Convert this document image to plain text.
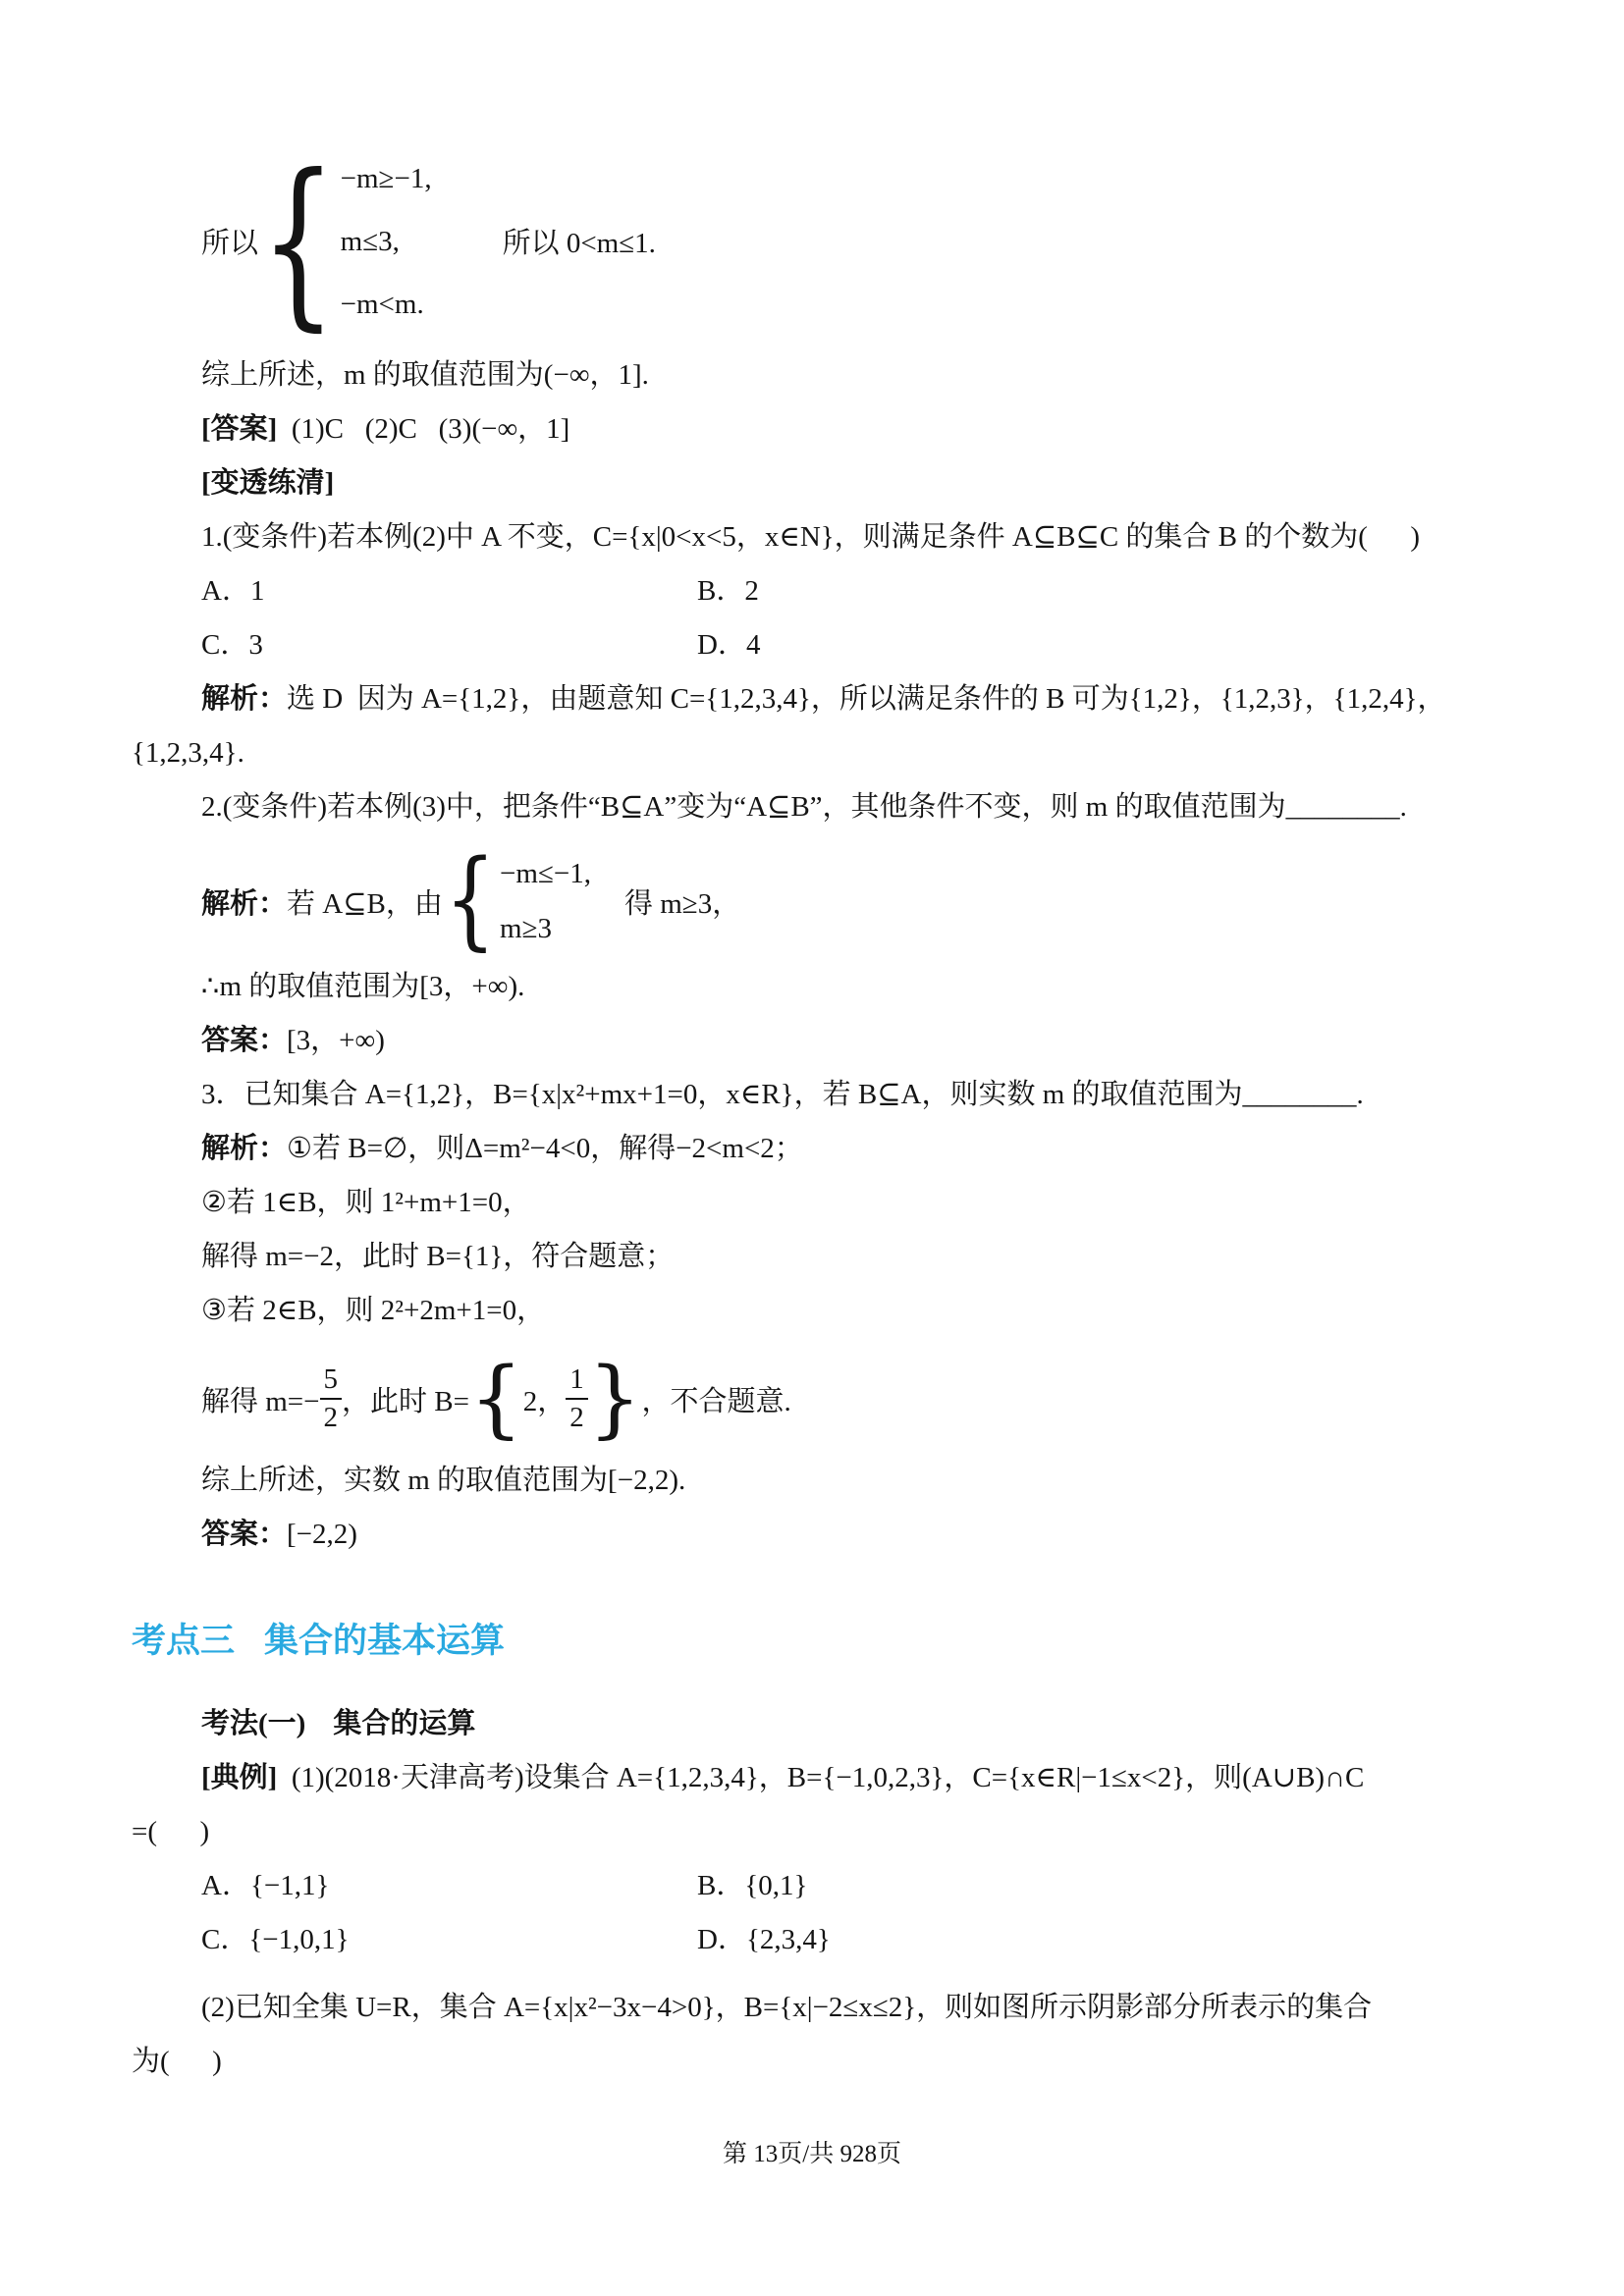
所以
{
−m≥−1,
m≤3,
−m<m.
所以 0<m≤1.

综上所述，m 的取值范围为(−∞，1].

[答案]  (1)C   (2)C   (3)(−∞，1]

[变透练清]

1.(变条件)若本例(2)中 A 不变，C={x|0<x<5，x∈N}，则满足条件 A⊆B⊆C 的集合 B 的个数为(      )

A．1	B．2
C．3	D．4

解析：选 D  因为 A={1,2}，由题意知 C={1,2,3,4}，所以满足条件的 B 可为{1,2}，{1,2,3}，{1,2,4}，

{1,2,3,4}.

2.(变条件)若本例(3)中，把条件“B⊆A”变为“A⊆B”，其他条件不变，则 m 的取值范围为________.

解析： 若 A⊆B，由
{
−m≤−1,
m≥3
得 m≥3，

∴m 的取值范围为[3，+∞).

答案：[3，+∞)

3．已知集合 A={1,2}，B={x|x²+mx+1=0，x∈R}，若 B⊆A，则实数 m 的取值范围为________.

解析：①若 B=∅，则Δ=m²−4<0，解得−2<m<2；

②若 1∈B，则 1²+m+1=0，

解得 m=−2，此时 B={1}，符合题意；

③若 2∈B，则 2²+2m+1=0，

解得 $m=- \frac{5}{2}$ ，此时 B= { 2， $\frac{1}{2}$ } ，不合题意.

综上所述，实数 m 的取值范围为[−2,2).

答案：[−2,2)

考点三 集合的基本运算

考法(一) 集合的运算

[典例]  (1)(2018·天津高考)设集合 A={1,2,3,4}，B={−1,0,2,3}，C={x∈R|−1≤x<2}，则(A∪B)∩C

=(      )

A．{−1,1}	B．{0,1}
C．{−1,0,1}	D．{2,3,4}

(2)已知全集 U=R，集合 A={x|x²−3x−4>0}，B={x|−2≤x≤2}，则如图所示阴影部分所表示的集合

为(      )

第 13页/共 928页
